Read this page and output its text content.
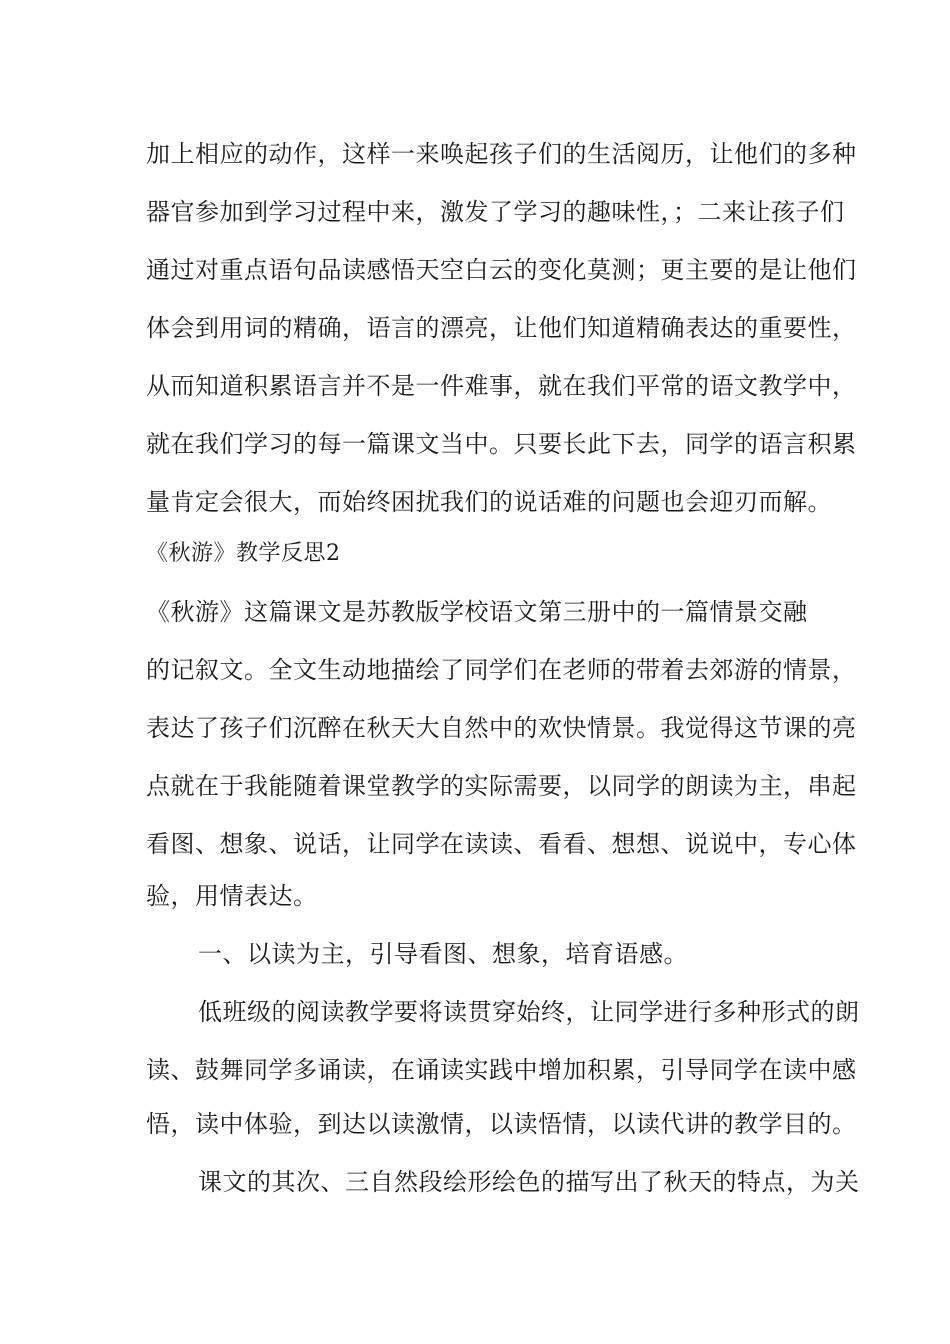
加上相应的动作，这样一来唤起孩子们的生活阅历，让他们的多种

器官参加到学习过程中来，激发了学习的趣味性，；二来让孩子们

通过对重点语句品读感悟天空白云的变化莫测；更主要的是让他们

体会到用词的精确，语言的漂亮，让他们知道精确表达的重要性，

从而知道积累语言并不是一件难事，就在我们平常的语文教学中，

就在我们学习的每一篇课文当中。只要长此下去，同学的语言积累

量肯定会很大，而始终困扰我们的说话难的问题也会迎刃而解。

《秋游》教学反思2

《秋游》这篇课文是苏教版学校语文第三册中的一篇情景交融

的记叙文。全文生动地描绘了同学们在老师的带着去郊游的情景，

表达了孩子们沉醉在秋天大自然中的欢快情景。我觉得这节课的亮

点就在于我能随着课堂教学的实际需要，以同学的朗读为主，串起

看图、想象、说话，让同学在读读、看看、想想、说说中，专心体

验，用情表达。

一、以读为主，引导看图、想象，培育语感。

低班级的阅读教学要将读贯穿始终，让同学进行多种形式的朗

读、鼓舞同学多诵读，在诵读实践中增加积累，引导同学在读中感

悟，读中体验，到达以读激情，以读悟情，以读代讲的教学目的。

课文的其次、三自然段绘形绘色的描写出了秋天的特点，为关
